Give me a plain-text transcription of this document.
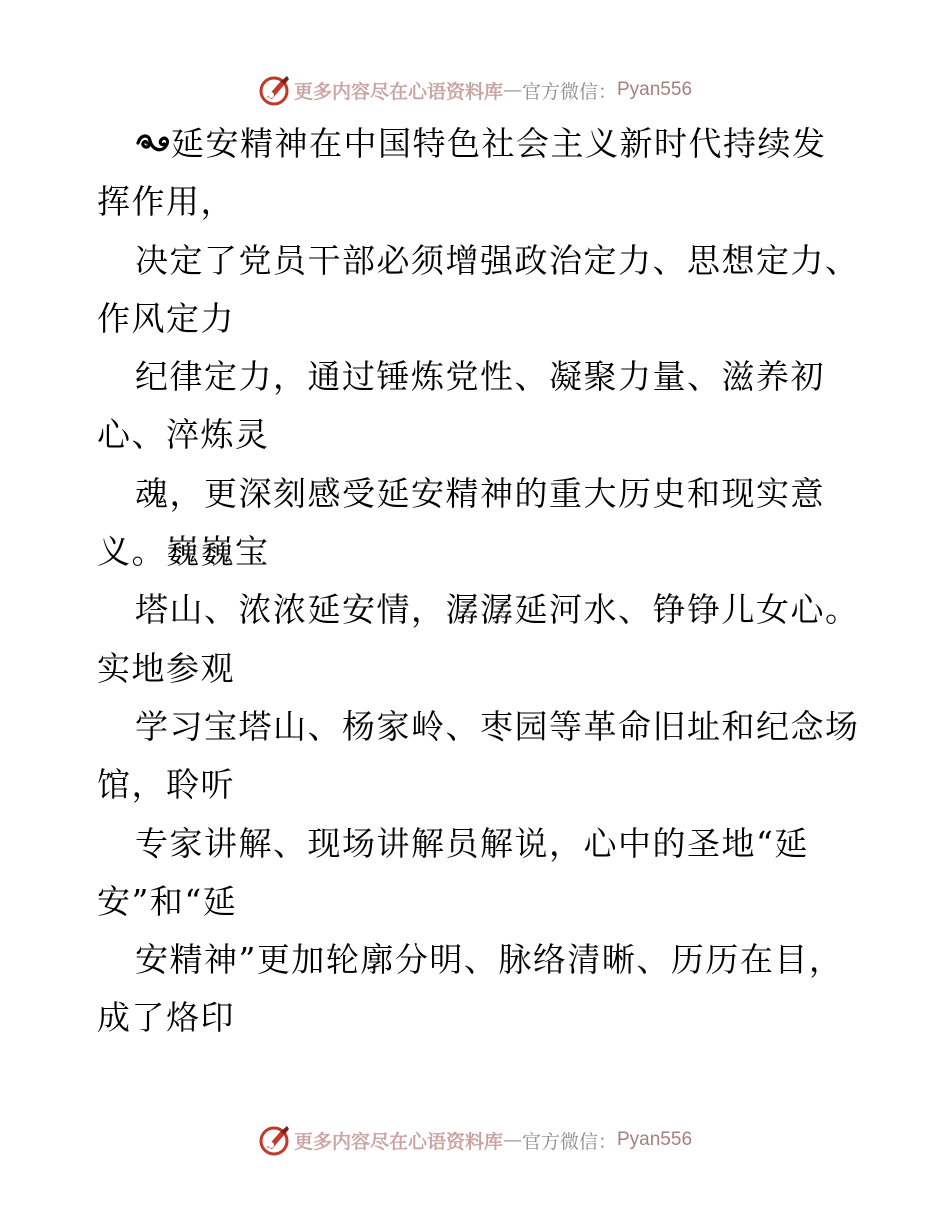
更多内容尽在心语资料库 — 官方微信： Pyan556
延安精神在中国特色社会主义新时代持续发
挥作用，
决定了党员干部必须增强政治定力、思想定力、
作风定力
纪律定力，通过锤炼党性、凝聚力量、滋养初
心、淬炼灵
魂，更深刻感受延安精神的重大历史和现实意
义。巍巍宝
塔山、浓浓延安情，潺潺延河水、铮铮儿女心。
实地参观
学习宝塔山、杨家岭、枣园等革命旧址和纪念场
馆，聆听
专家讲解、现场讲解员解说，心中的圣地“延
安”和“延
安精神”更加轮廓分明、脉络清晰、历历在目，
成了烙印
更多内容尽在心语资料库 — 官方微信： Pyan556
